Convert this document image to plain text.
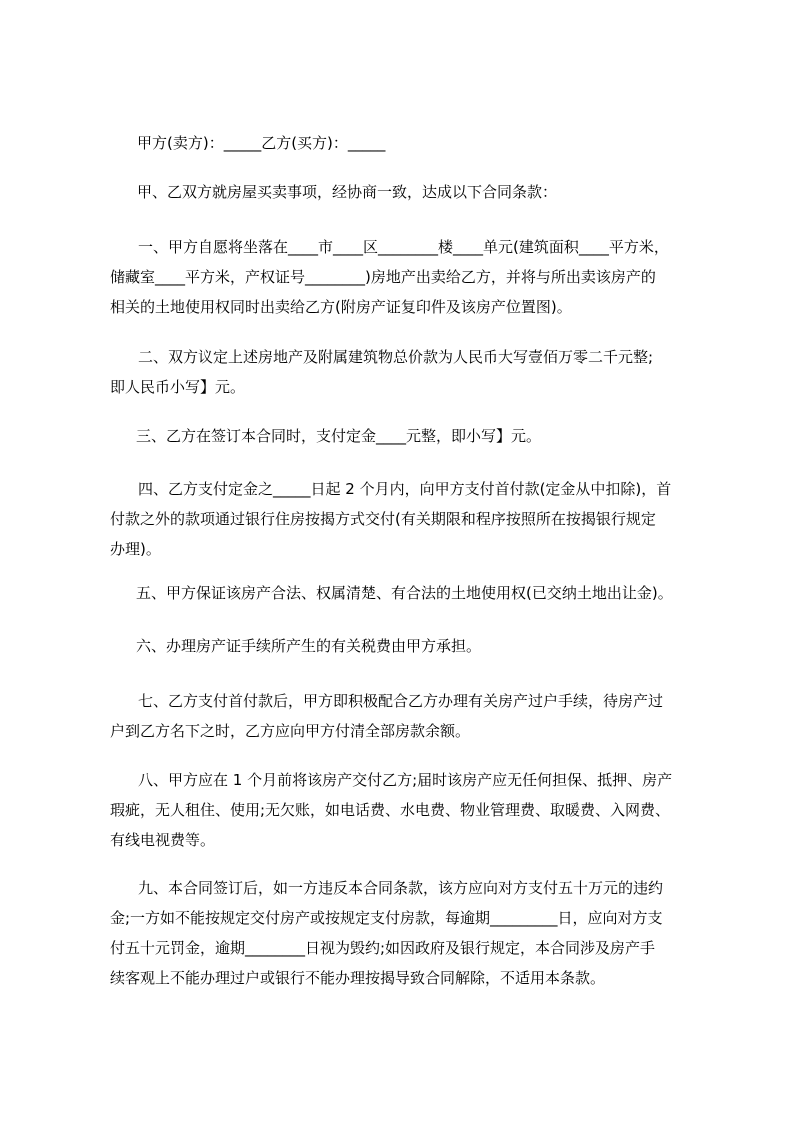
甲方(卖方)：_____乙方(买方)：_____

甲、乙双方就房屋买卖事项，经协商一致，达成以下合同条款：

一、甲方自愿将坐落在____市____区________楼____单元(建筑面积____平方米，
储藏室____平方米，产权证号________)房地产出卖给乙方，并将与所出卖该房产的
相关的土地使用权同时出卖给乙方(附房产证复印件及该房产位置图)。

二、双方议定上述房地产及附属建筑物总价款为人民币大写壹佰万零二千元整;
即人民币小写】元。

三、乙方在签订本合同时，支付定金____元整，即小写】元。

四、乙方支付定金之_____日起 2 个月内，向甲方支付首付款(定金从中扣除)，首
付款之外的款项通过银行住房按揭方式交付(有关期限和程序按照所在按揭银行规定
办理)。

五、甲方保证该房产合法、权属清楚、有合法的土地使用权(已交纳土地出让金)。

六、办理房产证手续所产生的有关税费由甲方承担。

七、乙方支付首付款后，甲方即积极配合乙方办理有关房产过户手续，待房产过
户到乙方名下之时，乙方应向甲方付清全部房款余额。

八、甲方应在 1 个月前将该房产交付乙方;届时该房产应无任何担保、抵押、房产
瑕疵，无人租住、使用;无欠账，如电话费、水电费、物业管理费、取暖费、入网费、
有线电视费等。

九、本合同签订后，如一方违反本合同条款，该方应向对方支付五十万元的违约
金;一方如不能按规定交付房产或按规定支付房款，每逾期_________日，应向对方支
付五十元罚金，逾期________日视为毁约;如因政府及银行规定，本合同涉及房产手
续客观上不能办理过户或银行不能办理按揭导致合同解除，不适用本条款。
